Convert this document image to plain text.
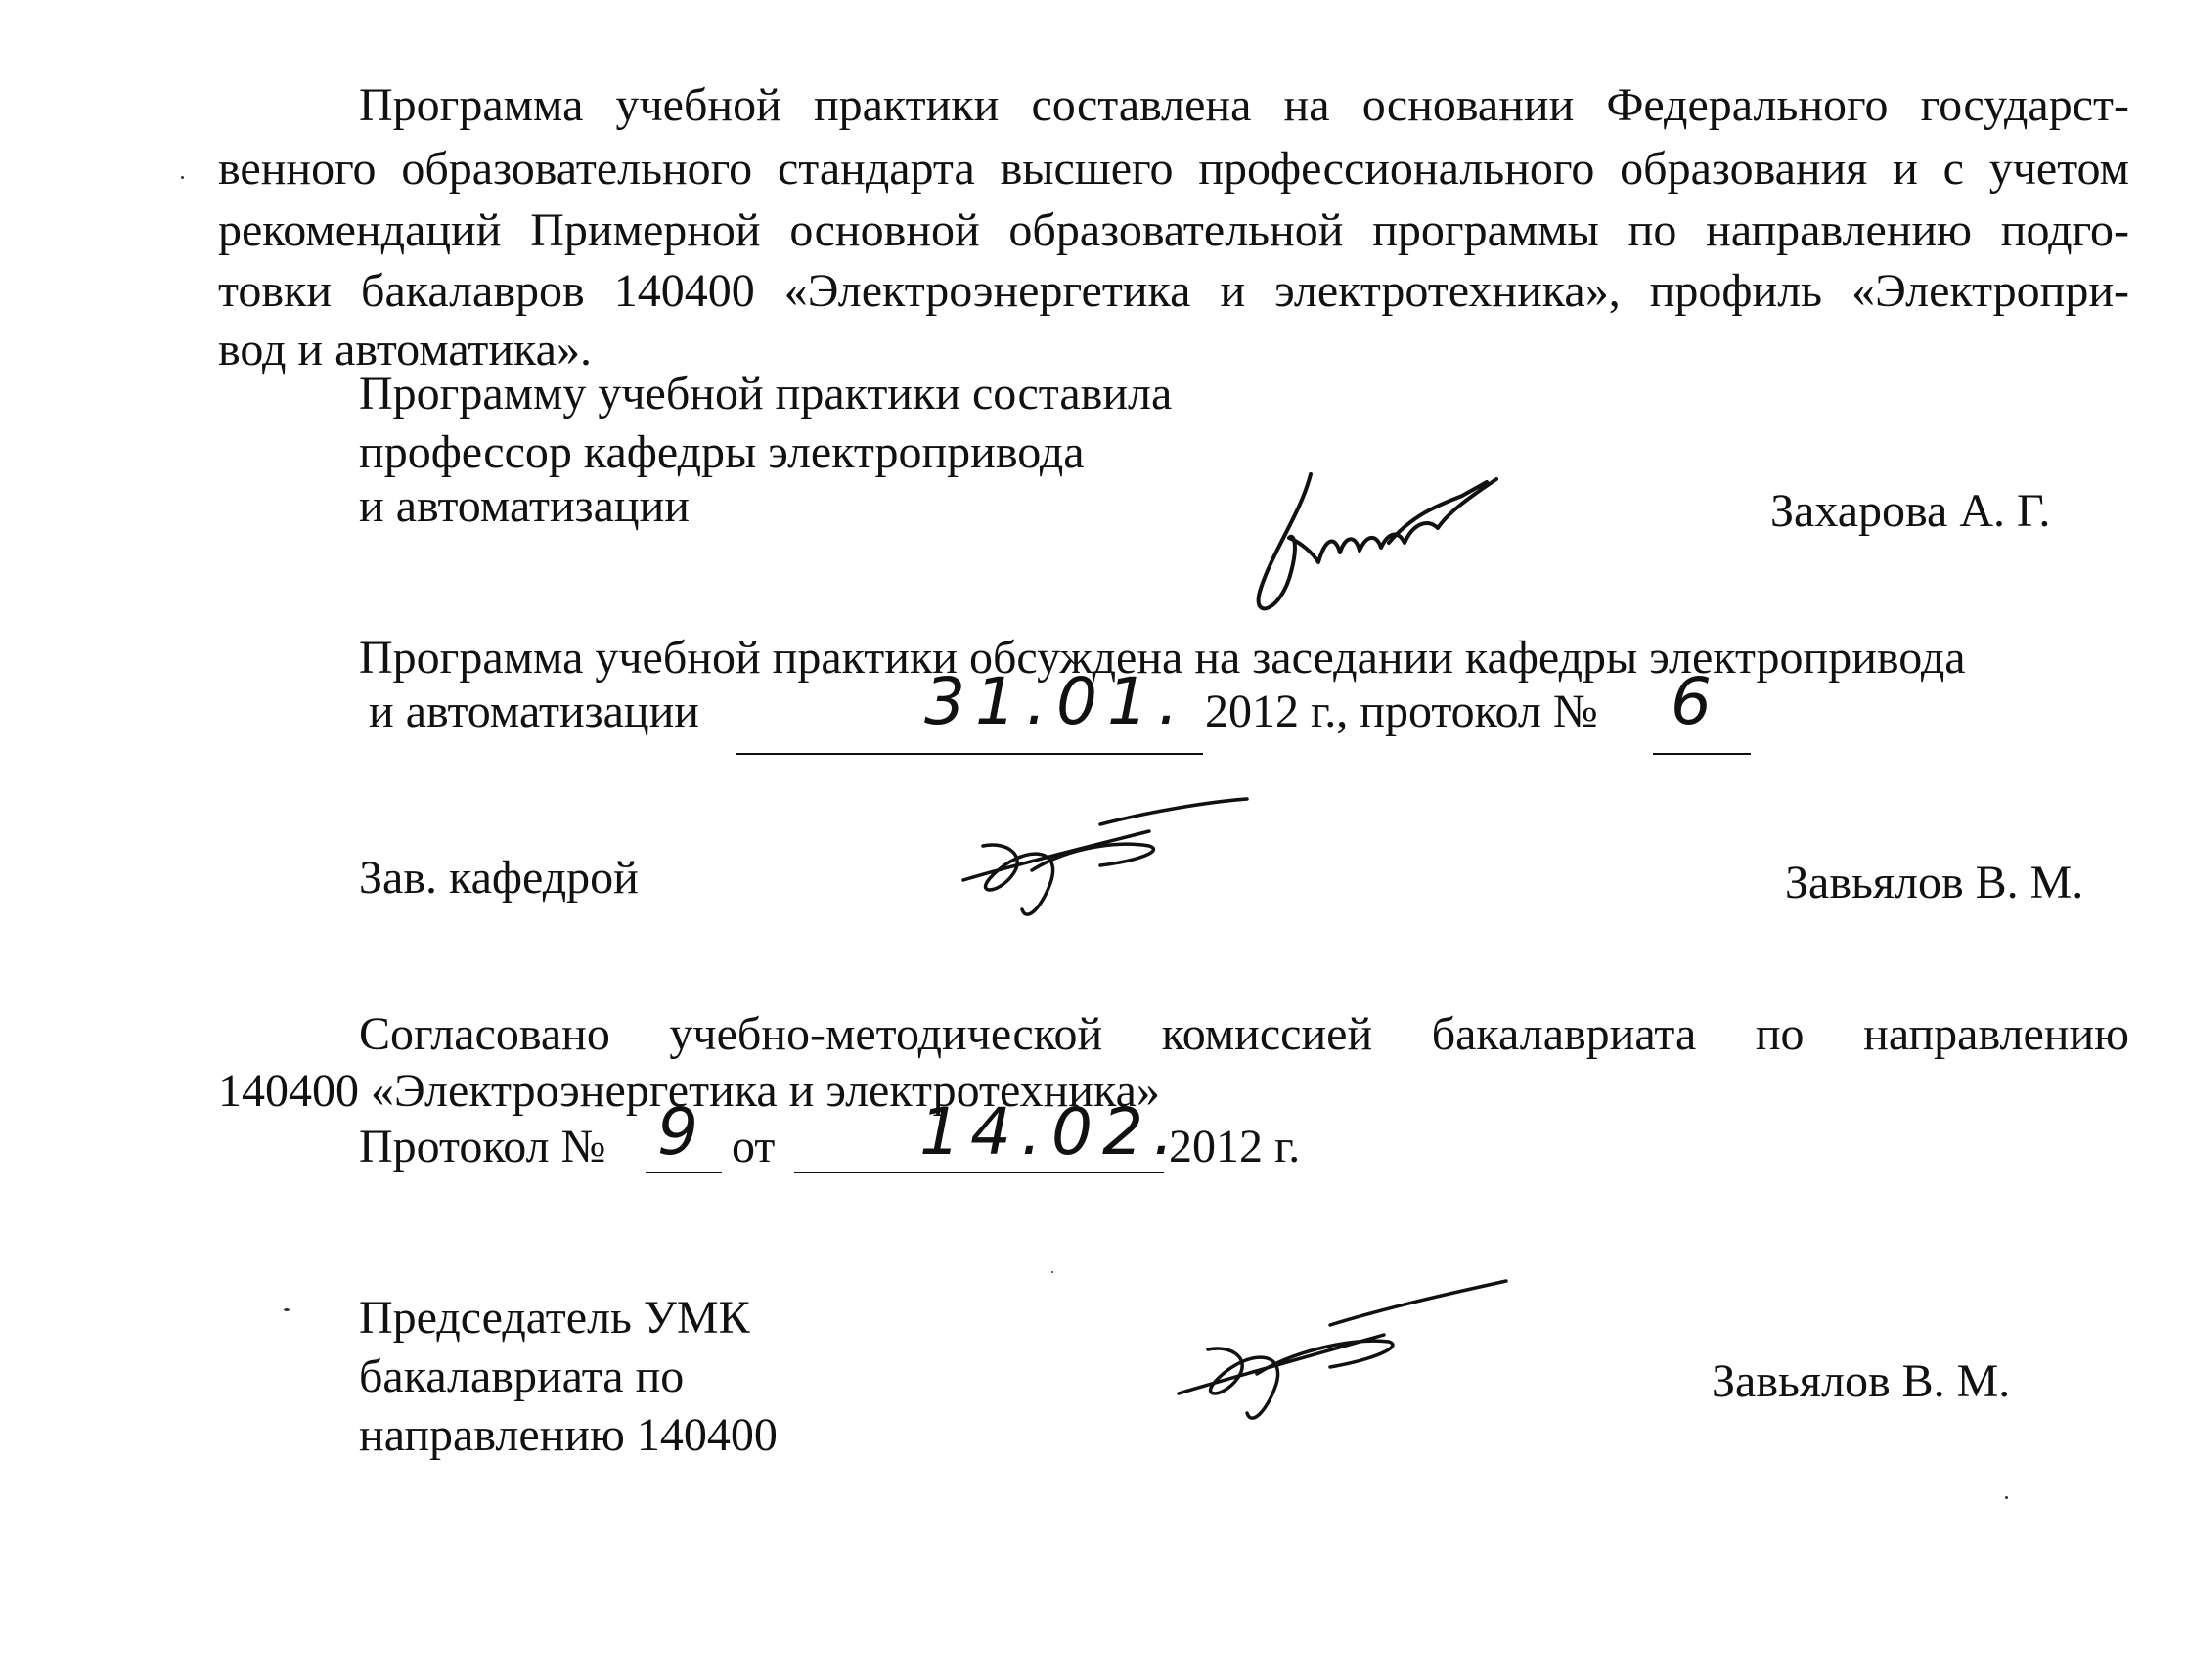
Программа учебной практики составлена на основании Федерального государст-
венного образовательного стандарта высшего профессионального образования и с учетом
рекомендаций Примерной основной образовательной программы по направлению подго-
товки бакалавров 140400 «Электроэнергетика и электротехника», профиль «Электропри-
вод и автоматика».
Программу учебной практики составила
профессор кафедры электропривода
и автоматизации	Захарова А. Г.
Программа учебной практики обсуждена на заседании кафедры электропривода
и автоматизации	31.01. 2012 г., протокол № 6
Зав. кафедрой	Завьялов В. М.
Согласовано учебно-методической комиссией бакалавриата по направлению
140400 «Электроэнергетика и электротехника»
Протокол № 9 от 14.02.
2012 г.
Председатель УМК
бакалавриата по
направлению 140400
Завьялов В. М.
